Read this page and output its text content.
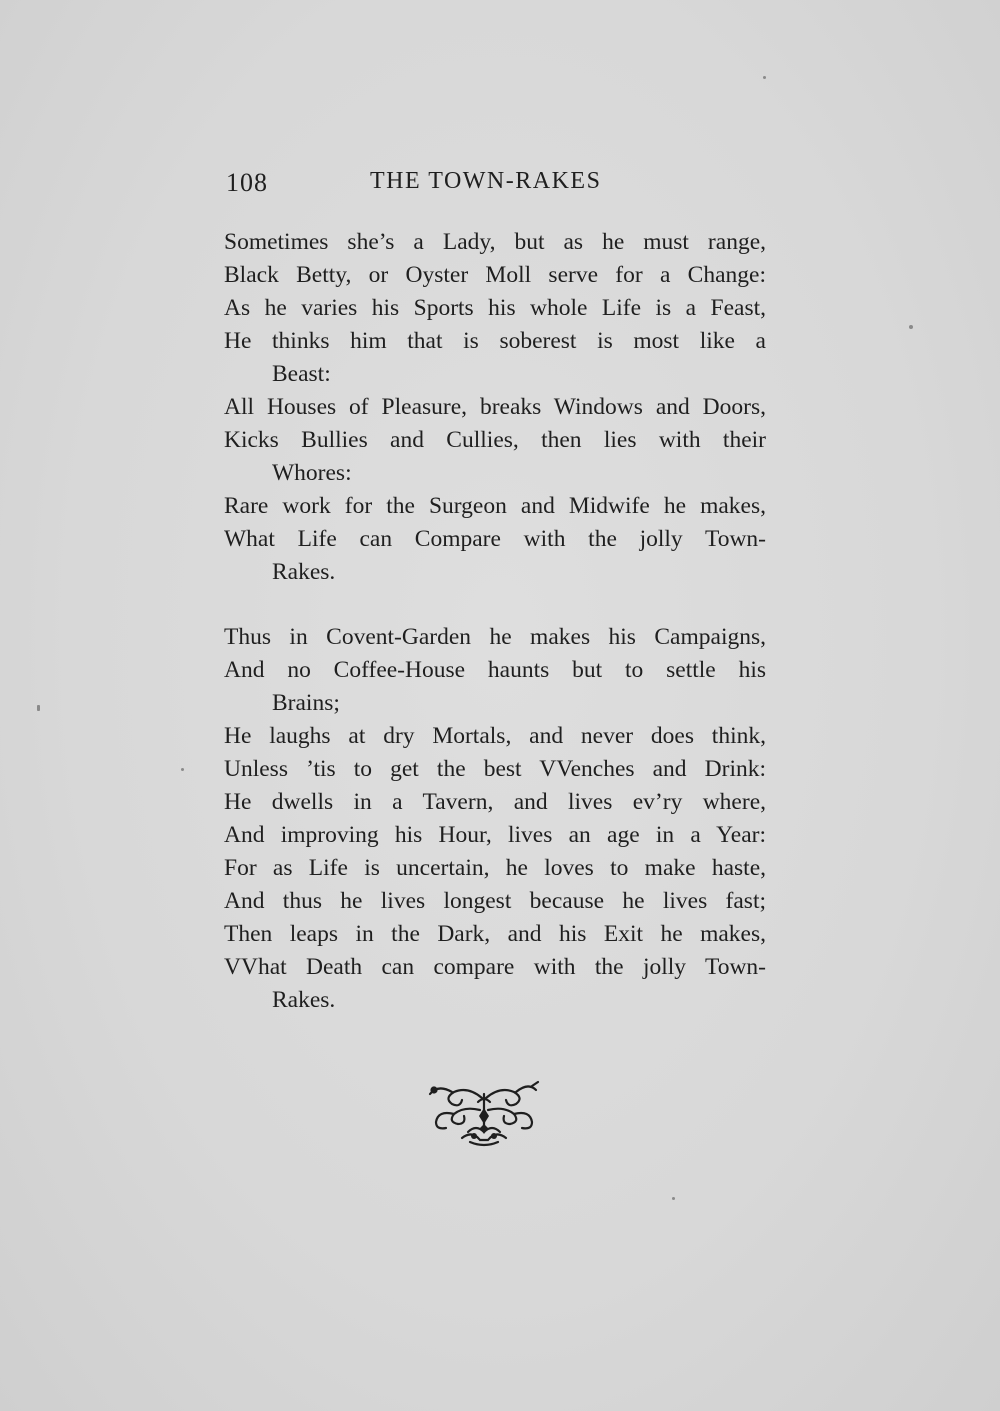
108	THE TOWN-RAKES
Sometimes she’s a Lady, but as he must range,
Black Betty, or Oyster Moll serve for a Change:
As he varies his Sports his whole Life is a Feast,
He thinks him that is soberest is most like a
Beast:
All Houses of Pleasure, breaks Windows and Doors,
Kicks Bullies and Cullies, then lies with their
Whores:
Rare work for the Surgeon and Midwife he makes,
What Life can Compare with the jolly Town-
Rakes.
Thus in Covent-Garden he makes his Campaigns,
And no Coffee-House haunts but to settle his
Brains;
He laughs at dry Mortals, and never does think,
Unless ’tis to get the best VVenches and Drink:
He dwells in a Tavern, and lives ev’ry where,
And improving his Hour, lives an age in a Year:
For as Life is uncertain, he loves to make haste,
And thus he lives longest because he lives fast;
Then leaps in the Dark, and his Exit he makes,
VVhat Death can compare with the jolly Town-
Rakes.
